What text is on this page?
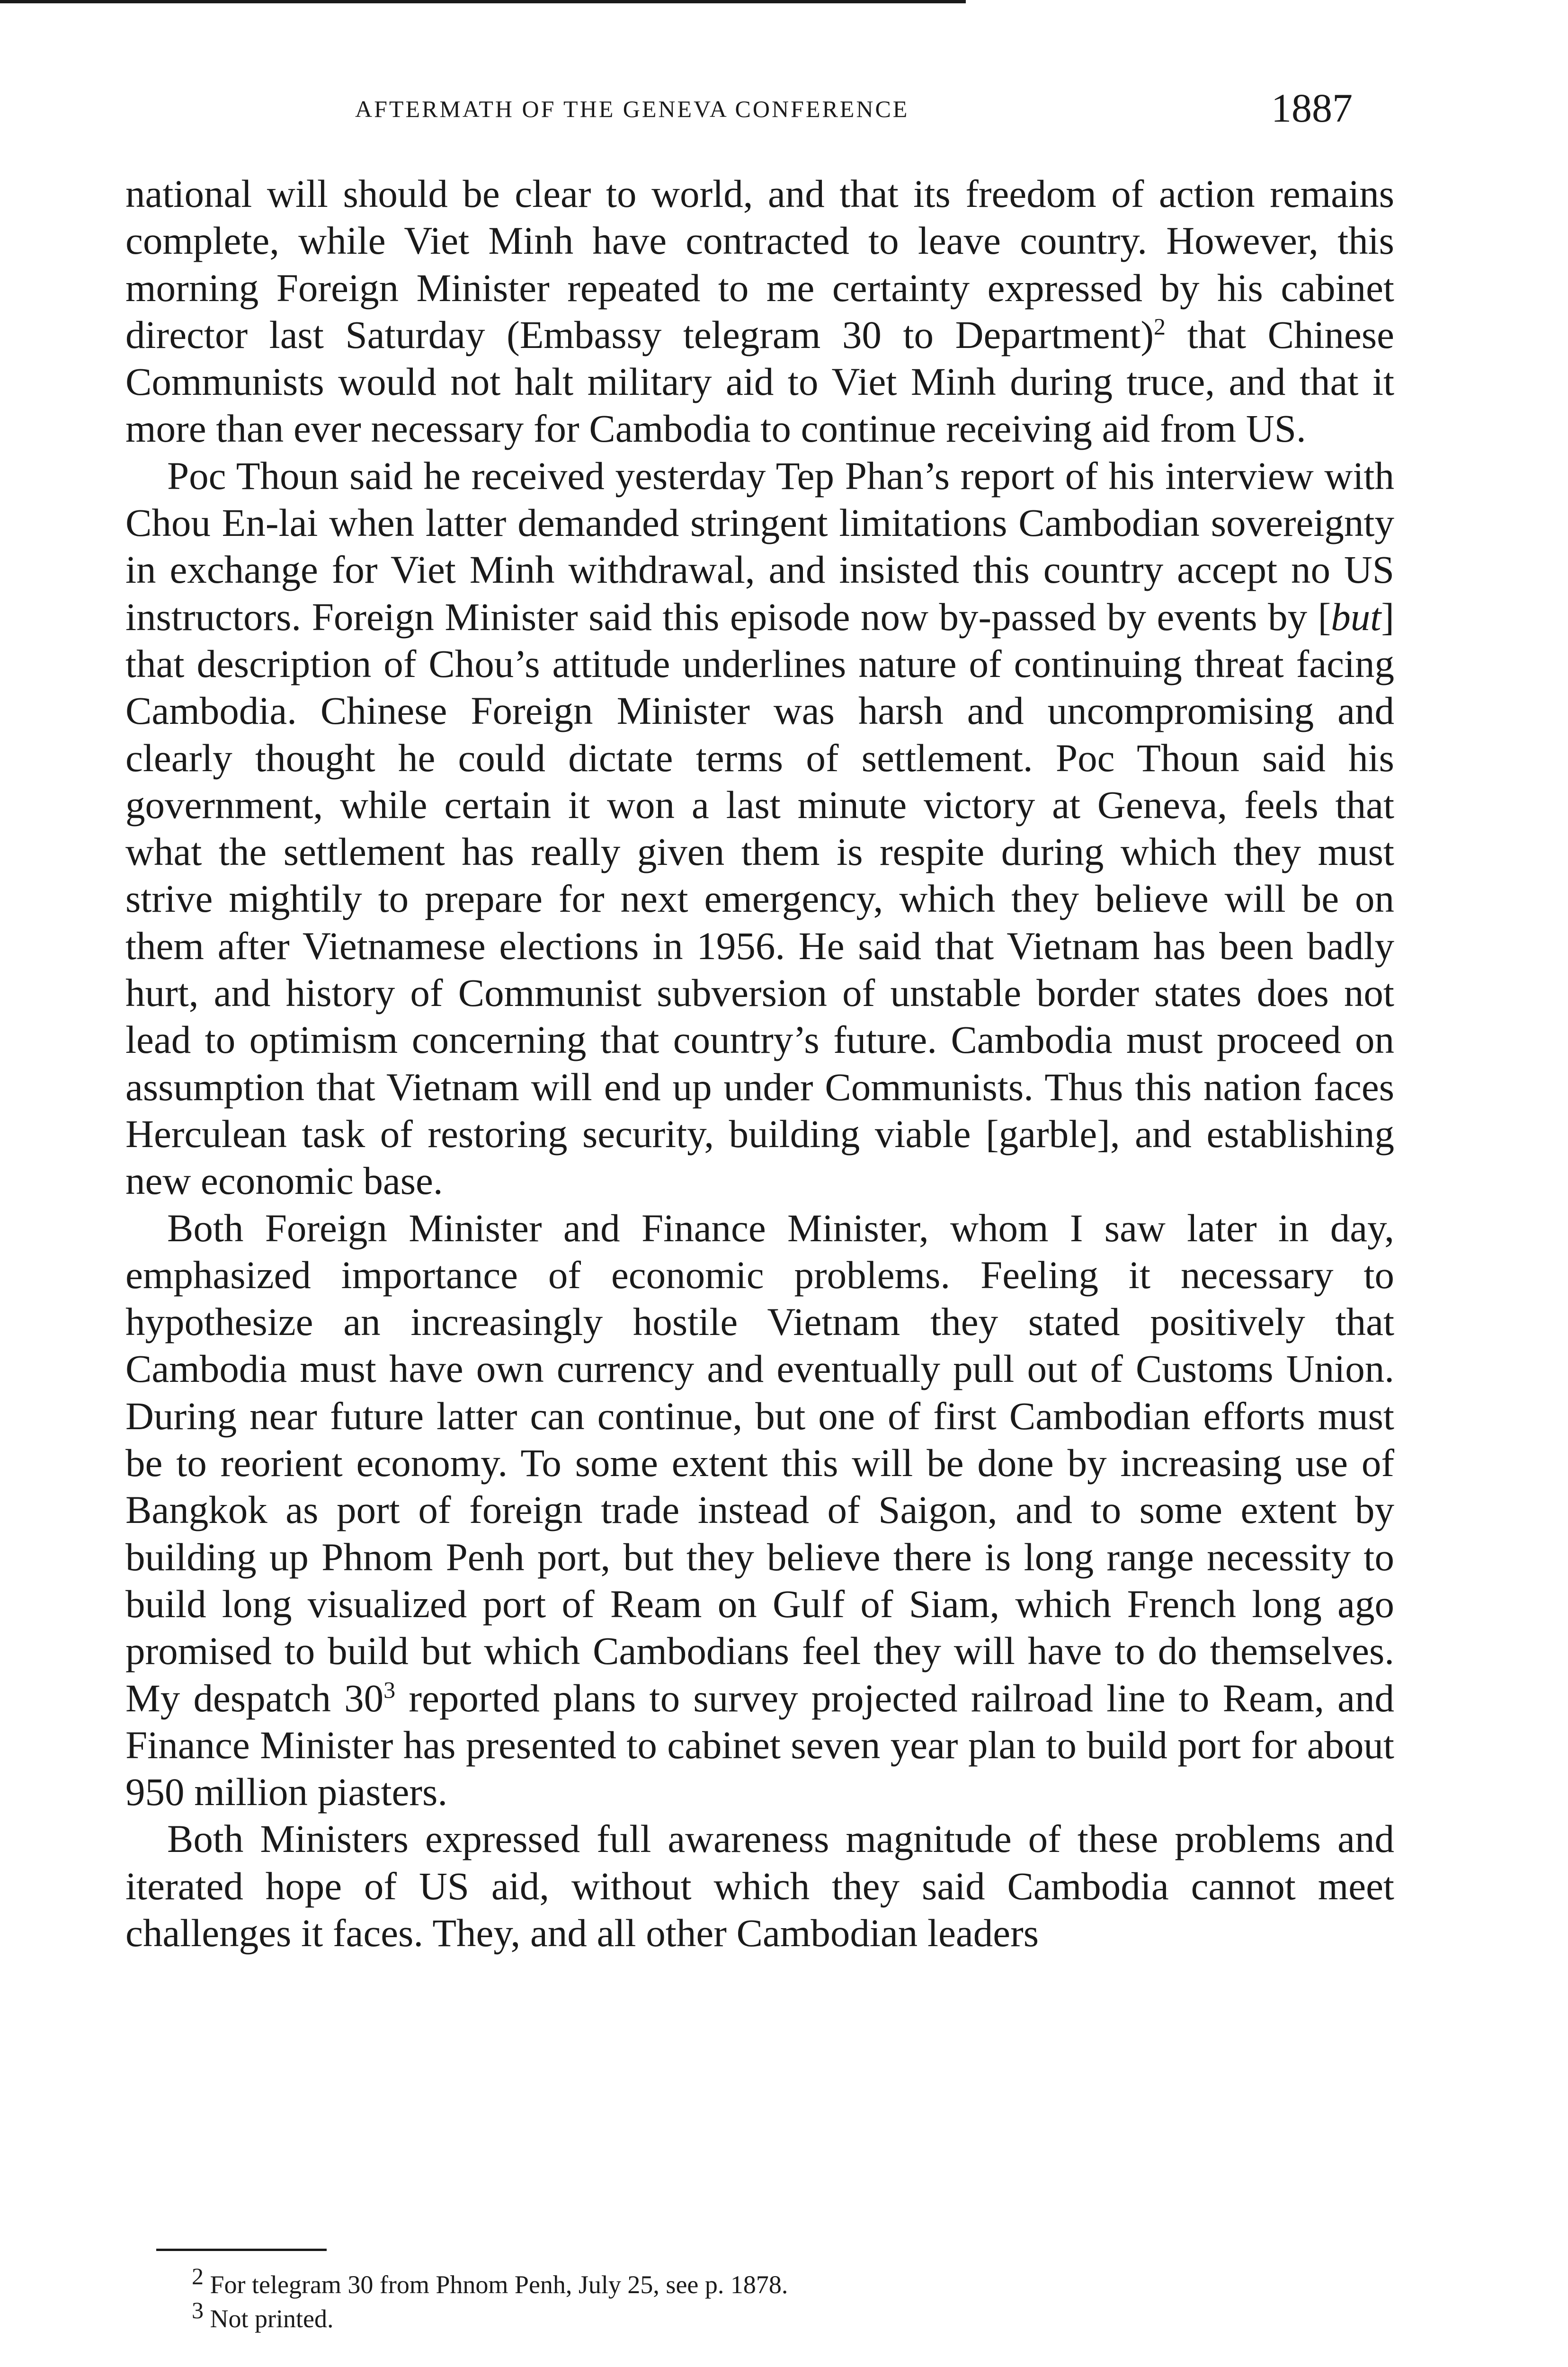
AFTERMATH OF THE GENEVA CONFERENCE	1887

national will should be clear to world, and that its freedom of action remains complete, while Viet Minh have contracted to leave country. However, this morning Foreign Minister repeated to me certainty expressed by his cabinet director last Saturday (Embassy telegram 30 to Department)$^2$ that Chinese Communists would not halt military aid to Viet Minh during truce, and that it more than ever necessary for Cambodia to continue receiving aid from US.

Poc Thoun said he received yesterday Tep Phan’s report of his interview with Chou En-lai when latter demanded stringent limitations Cambodian sovereignty in exchange for Viet Minh withdrawal, and insisted this country accept no US instructors. Foreign Minister said this episode now by-passed by events by [but] that description of Chou’s attitude underlines nature of continuing threat facing Cambodia. Chinese Foreign Minister was harsh and uncompromising and clearly thought he could dictate terms of settlement. Poc Thoun said his government, while certain it won a last minute victory at Geneva, feels that what the settlement has really given them is respite during which they must strive mightily to prepare for next emergency, which they believe will be on them after Vietnamese elections in 1956. He said that Vietnam has been badly hurt, and history of Communist subversion of unstable border states does not lead to optimism concerning that country’s future. Cambodia must proceed on assumption that Vietnam will end up under Communists. Thus this nation faces Herculean task of restoring security, building viable [garble], and establishing new economic base.

Both Foreign Minister and Finance Minister, whom I saw later in day, emphasized importance of economic problems. Feeling it necessary to hypothesize an increasingly hostile Vietnam they stated positively that Cambodia must have own currency and eventually pull out of Customs Union. During near future latter can continue, but one of first Cambodian efforts must be to reorient economy. To some extent this will be done by increasing use of Bangkok as port of foreign trade instead of Saigon, and to some extent by building up Phnom Penh port, but they believe there is long range necessity to build long visualized port of Ream on Gulf of Siam, which French long ago promised to build but which Cambodians feel they will have to do themselves. My despatch $30^3$ reported plans to survey projected railroad line to Ream, and Finance Minister has presented to cabinet seven year plan to build port for about 950 million piasters.

Both Ministers expressed full awareness magnitude of these problems and iterated hope of US aid, without which they said Cambodia cannot meet challenges it faces. They, and all other Cambodian leaders

$^2$ For telegram 30 from Phnom Penh, July 25, see p. 1878.

$^3$ Not printed.
